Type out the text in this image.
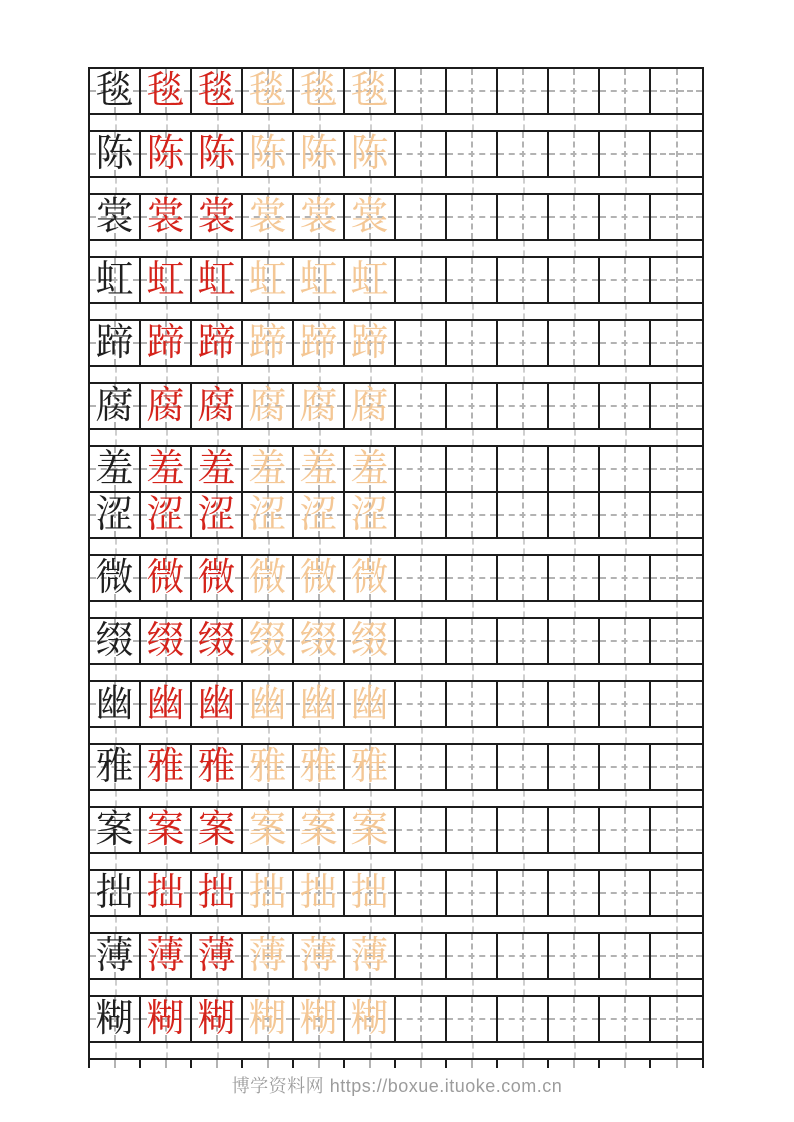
毯 毯 毯 毯 毯 毯
陈 陈 陈 陈 陈 陈
裳 裳 裳 裳 裳 裳
虹 虹 虹 虹 虹 虹
蹄 蹄 蹄 蹄 蹄 蹄
腐 腐 腐 腐 腐 腐
羞 羞 羞 羞 羞 羞
涩 涩 涩 涩 涩 涩
微 微 微 微 微 微
缀 缀 缀 缀 缀 缀
幽 幽 幽 幽 幽 幽
雅 雅 雅 雅 雅 雅
案 案 案 案 案 案
拙 拙 拙 拙 拙 拙
薄 薄 薄 薄 薄 薄
糊 糊 糊 糊 糊 糊
博学资料网 https://boxue.ituoke.com.cn
